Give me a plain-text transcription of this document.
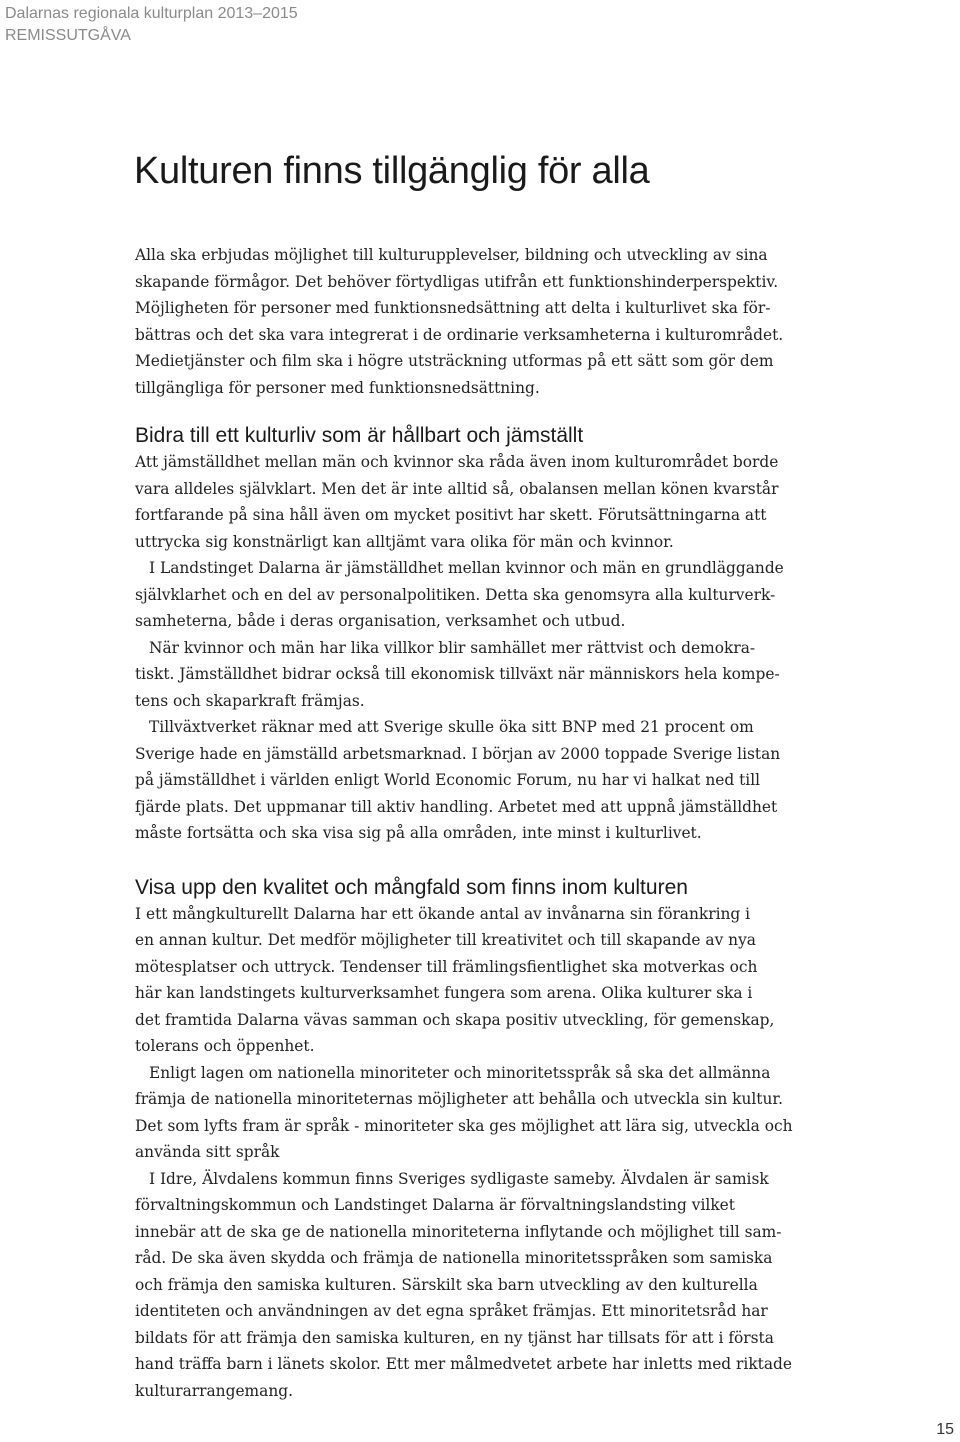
Dalarnas regionala kulturplan 2013–2015
REMISSUTGÅVA
Kulturen finns tillgänglig för alla

Alla ska erbjudas möjlighet till kulturupplevelser, bildning och utveckling av sina
skapande förmågor. Det behöver förtydligas utifrån ett funktionshinderperspektiv.
Möjligheten för personer med funktionsnedsättning att delta i kulturlivet ska för-
bättras och det ska vara integrerat i de ordinarie verksamheterna i kulturområdet.
Medietjänster och film ska i högre utsträckning utformas på ett sätt som gör dem
tillgängliga för personer med funktionsnedsättning.

Bidra till ett kulturliv som är hållbart och jämställt

Att jämställdhet mellan män och kvinnor ska råda även inom kulturområdet borde
vara alldeles självklart. Men det är inte alltid så, obalansen mellan könen kvarstår
fortfarande på sina håll även om mycket positivt har skett. Förutsättningarna att
uttrycka sig konstnärligt kan alltjämt vara olika för män och kvinnor.

I Landstinget Dalarna är jämställdhet mellan kvinnor och män en grundläggande
självklarhet och en del av personalpolitiken. Detta ska genomsyra alla kulturverk-
samheterna, både i deras organisation, verksamhet och utbud.

När kvinnor och män har lika villkor blir samhället mer rättvist och demokra-
tiskt. Jämställdhet bidrar också till ekonomisk tillväxt när människors hela kompe-
tens och skaparkraft främjas.

Tillväxtverket räknar med att Sverige skulle öka sitt BNP med 21 procent om
Sverige hade en jämställd arbetsmarknad. I början av 2000 toppade Sverige listan
på jämställdhet i världen enligt World Economic Forum, nu har vi halkat ned till
fjärde plats. Det uppmanar till aktiv handling. Arbetet med att uppnå jämställdhet
måste fortsätta och ska visa sig på alla områden, inte minst i kulturlivet.

Visa upp den kvalitet och mångfald som finns inom kulturen

I ett mångkulturellt Dalarna har ett ökande antal av invånarna sin förankring i
en annan kultur. Det medför möjligheter till kreativitet och till skapande av nya
mötesplatser och uttryck. Tendenser till främlingsfientlighet ska motverkas och
här kan landstingets kulturverksamhet fungera som arena. Olika kulturer ska i
det framtida Dalarna vävas samman och skapa positiv utveckling, för gemenskap,
tolerans och öppenhet.

Enligt lagen om nationella minoriteter och minoritetsspråk så ska det allmänna
främja de nationella minoriteternas möjligheter att behålla och utveckla sin kultur.
Det som lyfts fram är språk - minoriteter ska ges möjlighet att lära sig, utveckla och
använda sitt språk

I Idre, Älvdalens kommun finns Sveriges sydligaste sameby. Älvdalen är samisk
förvaltningskommun och Landstinget Dalarna är förvaltningslandsting vilket
innebär att de ska ge de nationella minoriteterna inflytande och möjlighet till sam-
råd. De ska även skydda och främja de nationella minoritetsspråken som samiska
och främja den samiska kulturen. Särskilt ska barn utveckling av den kulturella
identiteten och användningen av det egna språket främjas. Ett minoritetsråd har
bildats för att främja den samiska kulturen, en ny tjänst har tillsats för att i första
hand träffa barn i länets skolor. Ett mer målmedvetet arbete har inletts med riktade
kulturarrangemang.

15
